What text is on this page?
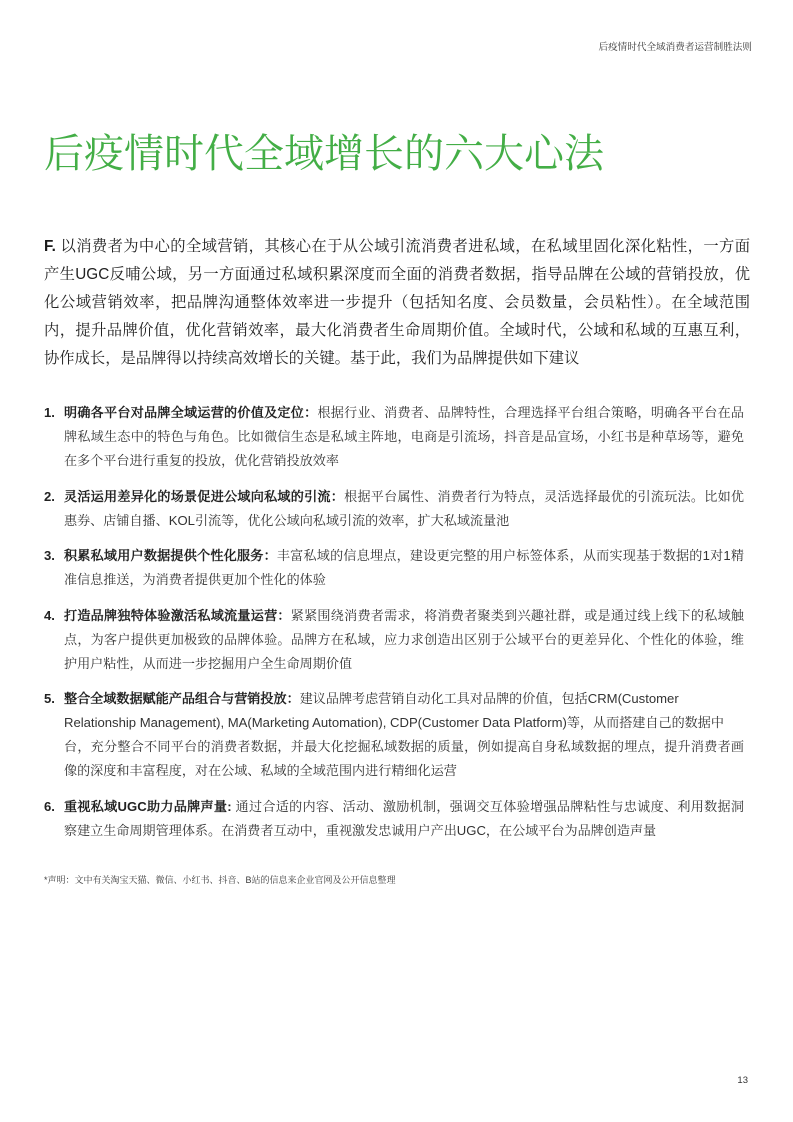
后疫情时代全域消费者运营制胜法则
后疫情时代全域增长的六大心法
F. 以消费者为中心的全域营销，其核心在于从公域引流消费者进私域，在私域里固化深化粘性，一方面
产生UGC反哺公域，另一方面通过私域积累深度而全面的消费者数据，指导品牌在公域的营销投放，优
化公域营销效率，把品牌沟通整体效率进一步提升（包括知名度、会员数量，会员粘性）。在全域范围
内，提升品牌价值，优化营销效率，最大化消费者生命周期价值。全域时代，公域和私域的互惠互利，
协作成长，是品牌得以持续高效增长的关键。基于此，我们为品牌提供如下建议
1. 明确各平台对品牌全域运营的价值及定位：根据行业、消费者、品牌特性，合理选择平台组合策略，明确各平台在品
牌私域生态中的特色与角色。比如微信生态是私域主阵地，电商是引流场，抖音是品宣场，小红书是种草场等，避免
在多个平台进行重复的投放，优化营销投放效率
2. 灵活运用差异化的场景促进公域向私域的引流：根据平台属性、消费者行为特点，灵活选择最优的引流玩法。比如优
惠券、店铺自播、KOL引流等，优化公域向私域引流的效率，扩大私域流量池
3. 积累私域用户数据提供个性化服务：丰富私域的信息埋点，建设更完整的用户标签体系，从而实现基于数据的1对1精
准信息推送，为消费者提供更加个性化的体验
4. 打造品牌独特体验激活私域流量运营：紧紧围绕消费者需求，将消费者聚类到兴趣社群，或是通过线上线下的私域触
点，为客户提供更加极致的品牌体验。品牌方在私域，应力求创造出区别于公域平台的更差异化、个性化的体验，维
护用户粘性，从而进一步挖掘用户全生命周期价值
5. 整合全域数据赋能产品组合与营销投放：建议品牌考虑营销自动化工具对品牌的价值，包括CRM(Customer
Relationship Management), MA(Marketing Automation), CDP(Customer Data Platform)等，从而搭建自己的数据中
台，充分整合不同平台的消费者数据，并最大化挖掘私域数据的质量，例如提高自身私域数据的埋点，提升消费者画
像的深度和丰富程度，对在公域、私域的全域范围内进行精细化运营
6. 重视私域UGC助力品牌声量: 通过合适的内容、活动、激励机制，强调交互体验增强品牌粘性与忠诚度、利用数据洞
察建立生命周期管理体系。在消费者互动中，重视激发忠诚用户产出UGC，在公域平台为品牌创造声量
*声明：文中有关淘宝天猫、微信、小红书、抖音、B站的信息来企业官网及公开信息整理
13
